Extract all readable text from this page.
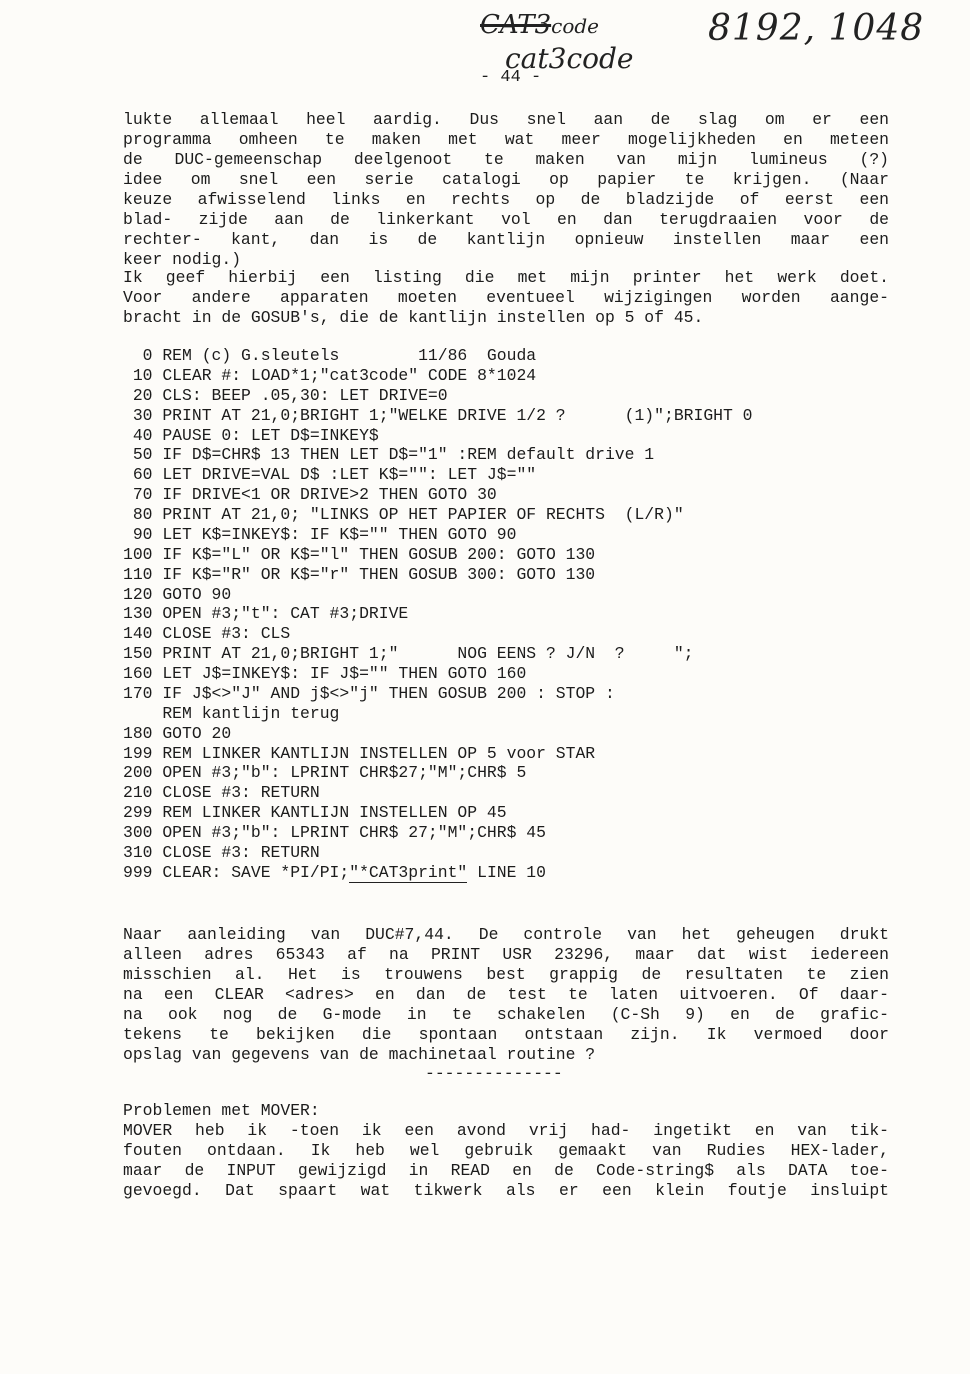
CAT3code	8192, 1048
cat3code
- 44 -
lukte allemaal heel aardig. Dus snel aan de slag om er een
programma omheen te maken met wat meer mogelijkheden en meteen
de DUC-gemeenschap deelgenoot te maken van mijn lumineus (?)
idee om snel een serie catalogi op papier te krijgen. (Naar
keuze afwisselend links en rechts op de bladzijde of eerst een
blad- zijde aan de linkerkant vol en dan terugdraaien voor de
rechter- kant, dan is de kantlijn opnieuw instellen maar een
keer nodig.)
Ik geef hierbij een listing die met mijn printer het werk doet.
Voor andere apparaten moeten eventueel wijzigingen worden aange-
bracht in de GOSUB's, die de kantlijn instellen op 5 of 45.
0 REM (c) G.sleutels        11/86  Gouda
10 CLEAR #: LOAD*1;"cat3code" CODE 8*1024
20 CLS: BEEP .05,30: LET DRIVE=0
30 PRINT AT 21,0;BRIGHT 1;"WELKE DRIVE 1/2 ?      (1)";BRIGHT 0
40 PAUSE 0: LET D$=INKEY$
50 IF D$=CHR$ 13 THEN LET D$="1" :REM default drive 1
60 LET DRIVE=VAL D$ :LET K$="": LET J$=""
70 IF DRIVE<1 OR DRIVE>2 THEN GOTO 30
80 PRINT AT 21,0; "LINKS OP HET PAPIER OF RECHTS  (L/R)"
90 LET K$=INKEY$: IF K$="" THEN GOTO 90
100 IF K$="L" OR K$="l" THEN GOSUB 200: GOTO 130
110 IF K$="R" OR K$="r" THEN GOSUB 300: GOTO 130
120 GOTO 90
130 OPEN #3;"t": CAT #3;DRIVE
140 CLOSE #3: CLS
150 PRINT AT 21,0;BRIGHT 1;"      NOG EENS ? J/N  ?     ";
160 LET J$=INKEY$: IF J$="" THEN GOTO 160
170 IF J$<>"J" AND j$<>"j" THEN GOSUB 200 : STOP :
REM kantlijn terug
180 GOTO 20
199 REM LINKER KANTLIJN INSTELLEN OP 5 voor STAR
200 OPEN #3;"b": LPRINT CHR$27;"M";CHR$ 5
210 CLOSE #3: RETURN
299 REM LINKER KANTLIJN INSTELLEN OP 45
300 OPEN #3;"b": LPRINT CHR$ 27;"M";CHR$ 45
310 CLOSE #3: RETURN
999 CLEAR: SAVE *PI/PI;"*CAT3print" LINE 10
Naar aanleiding van DUC#7,44. De controle van het geheugen drukt
alleen adres 65343 af na PRINT USR 23296, maar dat wist iedereen
misschien al. Het is trouwens best grappig de resultaten te zien
na een CLEAR <adres> en dan de test te laten uitvoeren. Of daar-
na ook nog de G-mode in te schakelen (C-Sh 9) en de grafic-
tekens te bekijken die spontaan ontstaan zijn. Ik vermoed door
opslag van gegevens van de machinetaal routine ?
--------------
Problemen met MOVER:
MOVER heb ik -toen ik een avond vrij had- ingetikt en van tik-
fouten ontdaan. Ik heb wel gebruik gemaakt van Rudies HEX-lader,
maar de INPUT gewijzigd in READ en de Code-string$ als DATA toe-
gevoegd. Dat spaart wat tikwerk als er een klein foutje insluipt
